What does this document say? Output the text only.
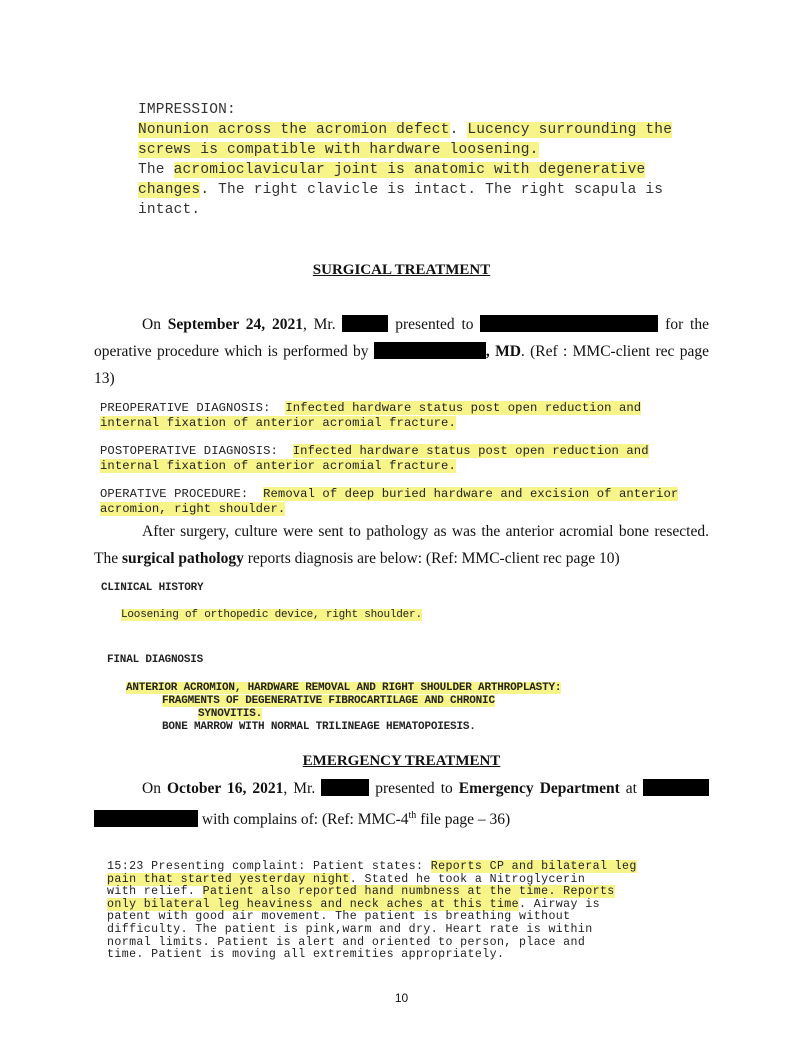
IMPRESSION:
Nonunion across the acromion defect. Lucency surrounding the
screws is compatible with hardware loosening.
The acromioclavicular joint is anatomic with degenerative
changes. The right clavicle is intact. The right scapula is
intact.
SURGICAL TREATMENT
On September 24, 2021, Mr.	presented to	for the operative procedure which is performed by	, MD. (Ref : MMC-client rec page 13)
PREOPERATIVE DIAGNOSIS: Infected hardware status post open reduction and
internal fixation of anterior acromial fracture.
POSTOPERATIVE DIAGNOSIS: Infected hardware status post open reduction and
internal fixation of anterior acromial fracture.
OPERATIVE PROCEDURE: Removal of deep buried hardware and excision of anterior
acromion, right shoulder.
After surgery, culture were sent to pathology as was the anterior acromial bone resected. The surgical pathology reports diagnosis are below: (Ref: MMC-client rec page 10)
CLINICAL HISTORY
Loosening of orthopedic device, right shoulder.
FINAL DIAGNOSIS
ANTERIOR ACROMION, HARDWARE REMOVAL AND RIGHT SHOULDER ARTHROPLASTY:
FRAGMENTS OF DEGENERATIVE FIBROCARTILAGE AND CHRONIC
SYNOVITIS.
BONE MARROW WITH NORMAL TRILINEAGE HEMATOPOIESIS.
EMERGENCY TREATMENT
On October 16, 2021, Mr.	presented to Emergency Department at   with complains of: (Ref: MMC-4th file page – 36)
15:23 Presenting complaint: Patient states: Reports CP and bilateral leg
pain that started yesterday night. Stated he took a Nitroglycerin
with relief. Patient also reported hand numbness at the time. Reports
only bilateral leg heaviness and neck aches at this time. Airway is
patent with good air movement. The patient is breathing without
difficulty. The patient is pink,warm and dry. Heart rate is within
normal limits. Patient is alert and oriented to person, place and
time. Patient is moving all extremities appropriately.
10
